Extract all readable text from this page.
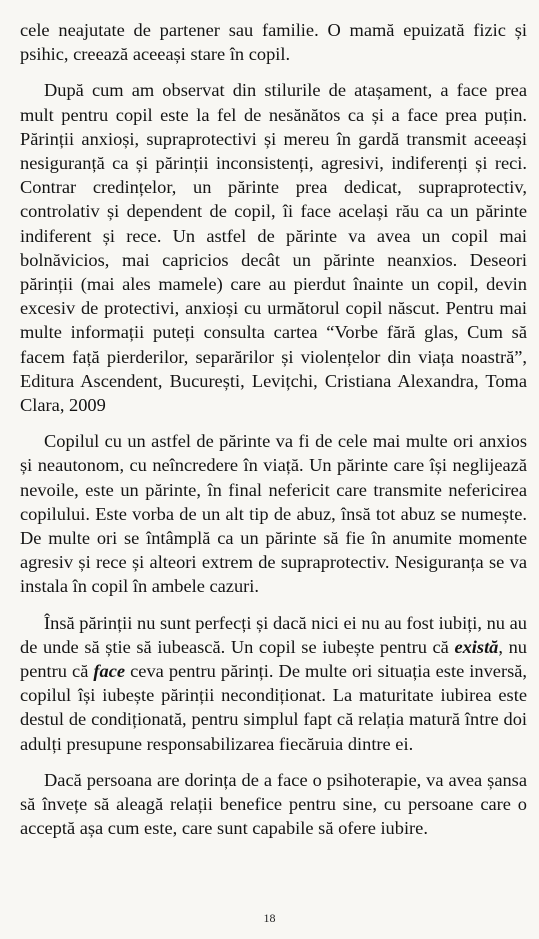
cele neajutate de partener sau familie. O mamă epuizată fizic și psihic, creează aceeași stare în copil.

După cum am observat din stilurile de atașament, a face prea mult pentru copil este la fel de nesănătos ca și a face prea puțin. Părinții anxioși, supraprotectivi și mereu în gardă transmit aceeași nesiguranță ca și părinții inconsistenți, agresivi, indiferenți și reci. Contrar credințelor, un părinte prea dedicat, supraprotectiv, controlativ și dependent de copil, îi face același rău ca un părinte indiferent și rece. Un astfel de părinte va avea un copil mai bolnăvicios, mai capricios decât un părinte neanxios. Deseori părinții (mai ales mamele) care au pierdut înainte un copil, devin excesiv de protectivi, anxioși cu următorul copil născut. Pentru mai multe informații puteți consulta cartea “Vorbe fără glas, Cum să facem față pierderilor, separărilor și violențelor din viața noastră”, Editura Ascendent, București, Levițchi, Cristiana Alexandra, Toma Clara, 2009

Copilul cu un astfel de părinte va fi de cele mai multe ori anxios și neautonom, cu neîncredere în viață. Un părinte care își neglijează nevoile, este un părinte, în final nefericit care transmite nefericirea copilului. Este vorba de un alt tip de abuz, însă tot abuz se numește. De multe ori se întâmplă ca un părinte să fie în anumite momente agresiv și rece și alteori extrem de supraprotectiv. Nesiguranța se va instala în copil în ambele cazuri.

Însă părinții nu sunt perfecți și dacă nici ei nu au fost iubiți, nu au de unde să știe să iubească. Un copil se iubește pentru că există, nu pentru că face ceva pentru părinți. De multe ori situația este inversă, copilul își iubește părinții necondiționat. La maturitate iubirea este destul de condiționată, pentru simplul fapt că relația matură între doi adulți presupune responsabilizarea fiecăruia dintre ei.

Dacă persoana are dorința de a face o psihoterapie, va avea șansa să învețe să aleagă relații benefice pentru sine, cu persoane care o acceptă așa cum este, care sunt capabile să ofere iubire.

18
